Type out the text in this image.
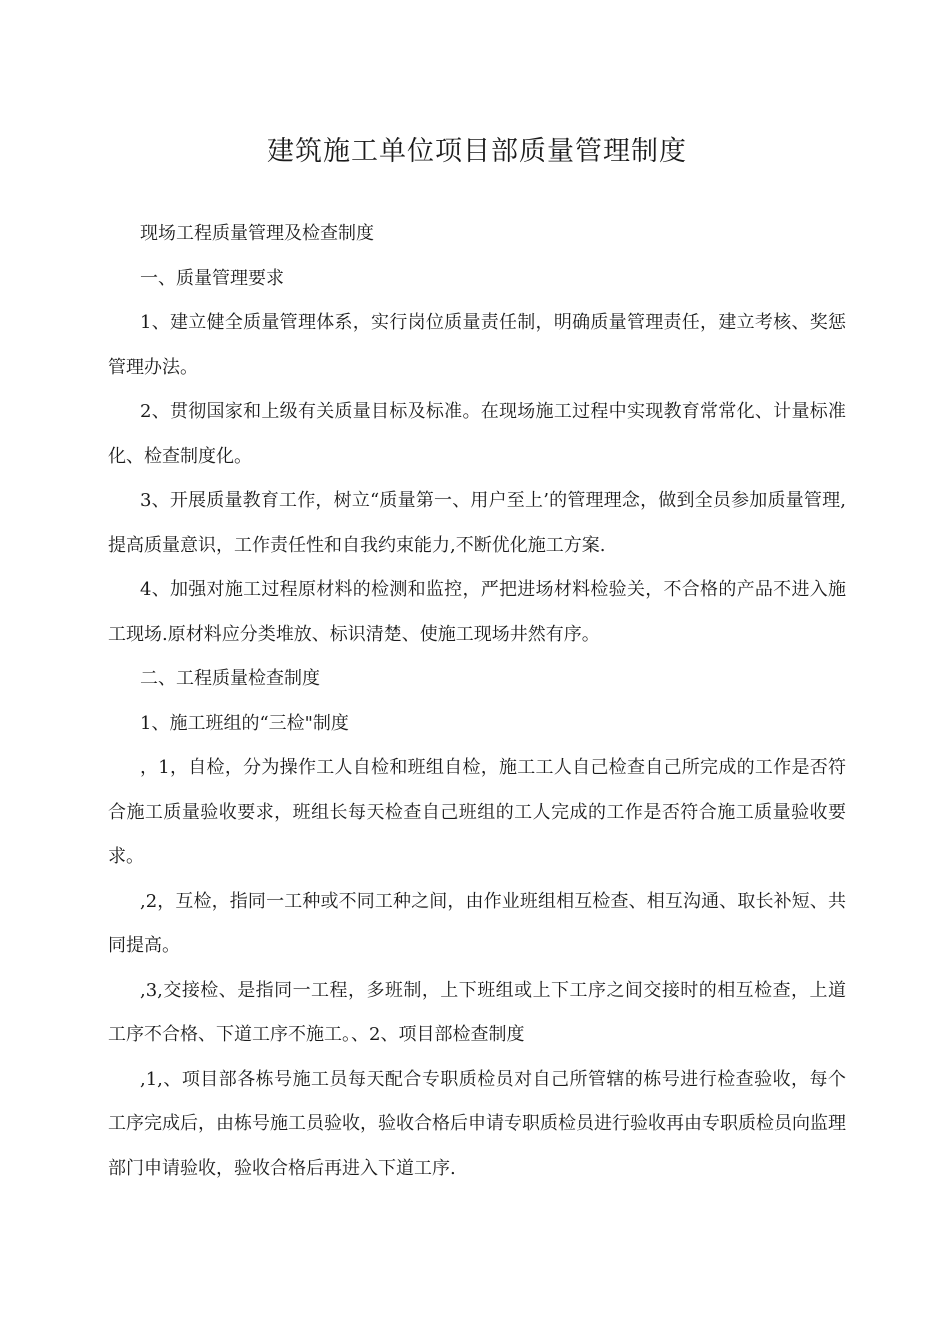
建筑施工单位项目部质量管理制度

现场工程质量管理及检查制度

一、质量管理要求

1、建立健全质量管理体系，实行岗位质量责任制，明确质量管理责任，建立考核、奖惩管理办法。

2、贯彻国家和上级有关质量目标及标准。在现场施工过程中实现教育常常化、计量标准化、检查制度化。

3、开展质量教育工作，树立“质量第一、用户至上’的管理理念，做到全员参加质量管理,提高质量意识，工作责任性和自我约束能力,不断优化施工方案.

4、加强对施工过程原材料的检测和监控，严把进场材料检验关，不合格的产品不进入施工现场.原材料应分类堆放、标识清楚、使施工现场井然有序。

二、工程质量检查制度

1、施工班组的“三检"制度

，1，自检，分为操作工人自检和班组自检，施工工人自己检查自己所完成的工作是否符合施工质量验收要求，班组长每天检查自己班组的工人完成的工作是否符合施工质量验收要求。

,2，互检，指同一工种或不同工种之间，由作业班组相互检查、相互沟通、取长补短、共同提高。

,3,交接检、是指同一工程，多班制，上下班组或上下工序之间交接时的相互检查，上道工序不合格、下道工序不施工。、2、项目部检查制度

,1,、项目部各栋号施工员每天配合专职质检员对自己所管辖的栋号进行检查验收，每个工序完成后，由栋号施工员验收，验收合格后申请专职质检员进行验收再由专职质检员向监理部门申请验收，验收合格后再进入下道工序.
